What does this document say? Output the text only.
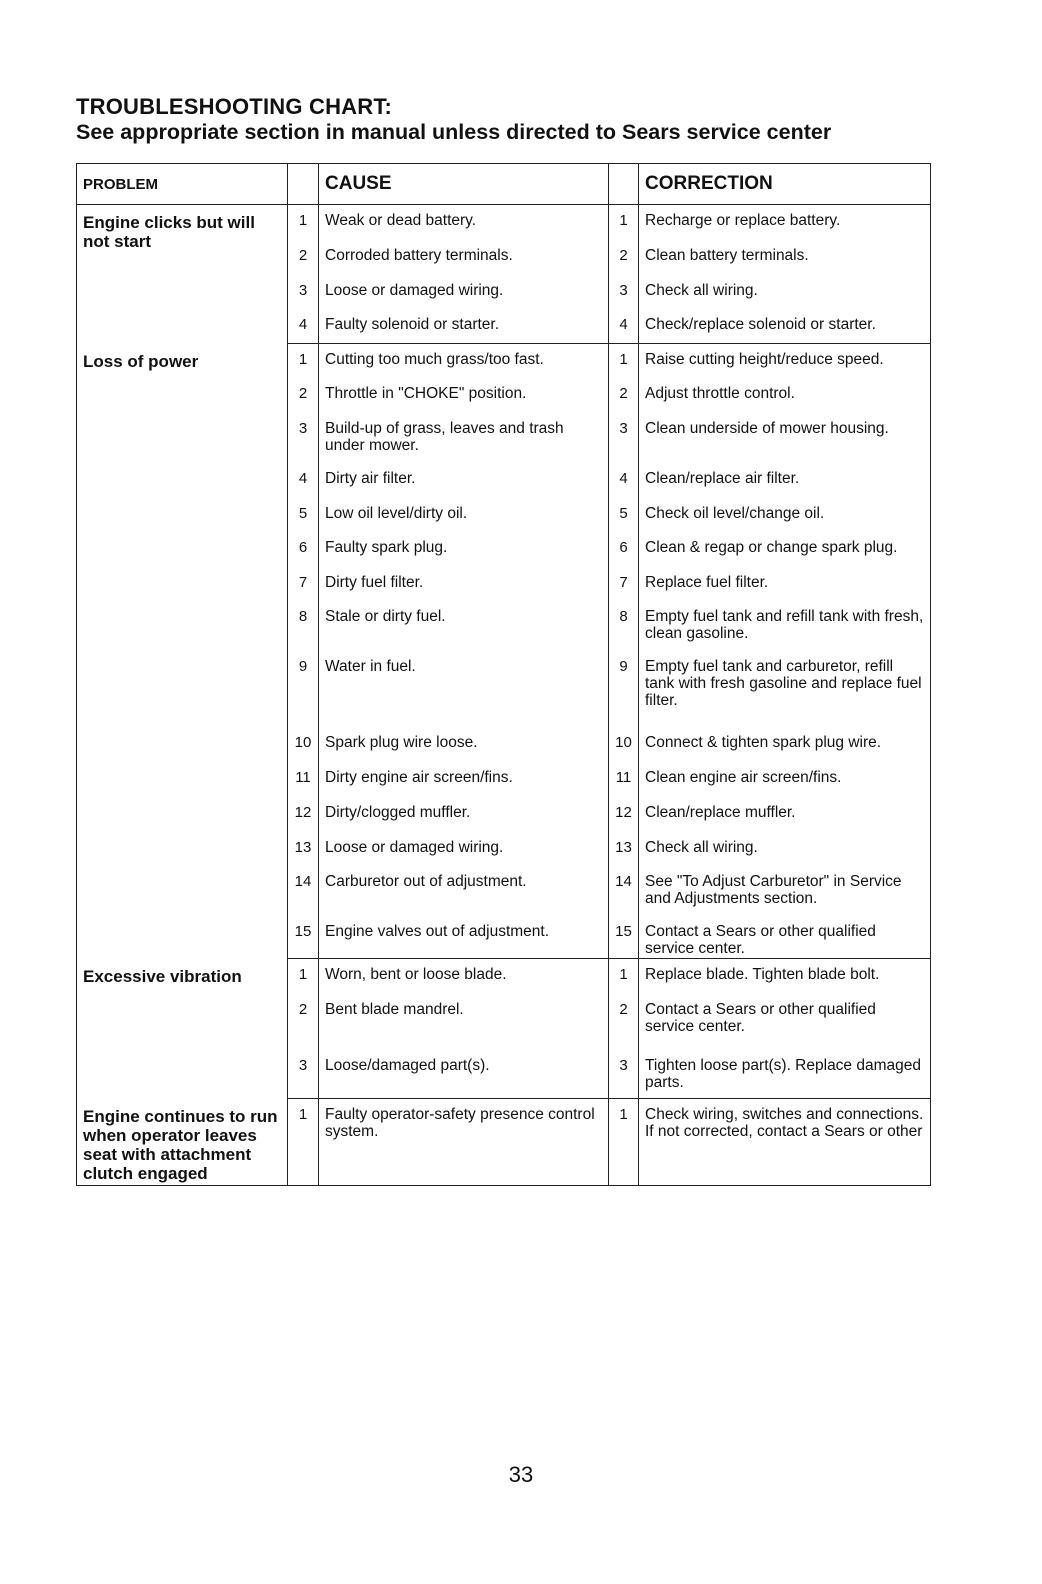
TROUBLESHOOTING CHART:
See appropriate section in manual unless directed to Sears service center
PROBLEM		CAUSE		CORRECTION
Engine clicks but will not start	1	Weak or dead battery.	1	Recharge or replace battery.
	2	Corroded battery terminals.	2	Clean battery terminals.
	3	Loose or damaged wiring.	3	Check all wiring.
	4	Faulty solenoid or starter.	4	Check/replace solenoid or starter.
Loss of power	1	Cutting too much grass/too fast.	1	Raise cutting height/reduce speed.
	2	Throttle in "CHOKE" position.	2	Adjust throttle control.
	3	Build-up of grass, leaves and trash under mower.	3	Clean underside of mower housing.
	4	Dirty air filter.	4	Clean/replace air filter.
	5	Low oil level/dirty oil.	5	Check oil level/change oil.
	6	Faulty spark plug.	6	Clean & regap or change spark plug.
	7	Dirty fuel filter.	7	Replace fuel filter.
	8	Stale or dirty fuel.	8	Empty fuel tank and refill tank with fresh, clean gasoline.
	9	Water in fuel.	9	Empty fuel tank and carburetor, refill tank with fresh gasoline and replace fuel filter.
	10	Spark plug wire loose.	10	Connect & tighten spark plug wire.
	11	Dirty engine air screen/fins.	11	Clean engine air screen/fins.
	12	Dirty/clogged muffler.	12	Clean/replace muffler.
	13	Loose or damaged wiring.	13	Check all wiring.
	14	Carburetor out of adjustment.	14	See "To Adjust Carburetor" in Service and Adjustments section.
	15	Engine valves out of adjustment.	15	Contact a Sears or other qualified service center.
Excessive vibration	1	Worn, bent or loose blade.	1	Replace blade. Tighten blade bolt.
	2	Bent blade mandrel.	2	Contact a Sears or other qualified service center.
	3	Loose/damaged part(s).	3	Tighten loose part(s). Replace damaged parts.
Engine continues to run when operator leaves seat with attachment clutch engaged	1	Faulty operator-safety presence control system.	1	Check wiring, switches and connections. If not corrected, contact a Sears or other
33
